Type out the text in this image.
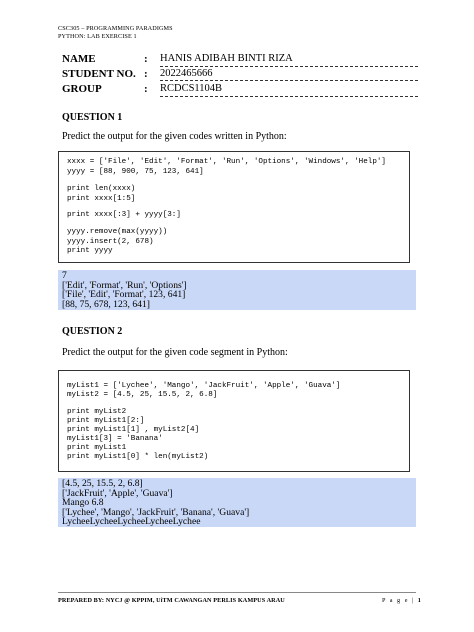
CSC305 – PROGRAMMING PARADIGMS
PYTHON: LAB EXERCISE 1
NAME	: HANIS ADIBAH BINTI RIZA
STUDENT NO. : 2022465666
GROUP	: RCDCS1104B
QUESTION 1
Predict the output for the given codes written in Python:
xxxx = ['File', 'Edit', 'Format', 'Run', 'Options', 'Windows', 'Help']
yyyy = [88, 900, 75, 123, 641]
print len(xxxx)
print xxxx[1:5]
print xxxx[:3] + yyyy[3:]
yyyy.remove(max(yyyy))
yyyy.insert(2, 678)
print yyyy
7
['Edit', 'Format', 'Run', 'Options']
['File', 'Edit', 'Format', 123, 641]
[88, 75, 678, 123, 641]
QUESTION 2
Predict the output for the given code segment in Python:
myList1 = ['Lychee', 'Mango', 'JackFruit', 'Apple', 'Guava']
myList2 = [4.5, 25, 15.5, 2, 6.8]
print myList2
print myList1[2:]
print myList1[1] , myList2[4]
myList1[3] = 'Banana'
print myList1
print myList1[0] * len(myList2)
[4.5, 25, 15.5, 2, 6.8]
['JackFruit', 'Apple', 'Guava']
Mango 6.8
['Lychee', 'Mango', 'JackFruit', 'Banana', 'Guava']
LycheeLycheeLycheeLycheeLychee
PREPARED BY: NYCJ @ KPPIM, UiTM CAWANGAN PERLIS KAMPUS ARAU	P a g e | 1
